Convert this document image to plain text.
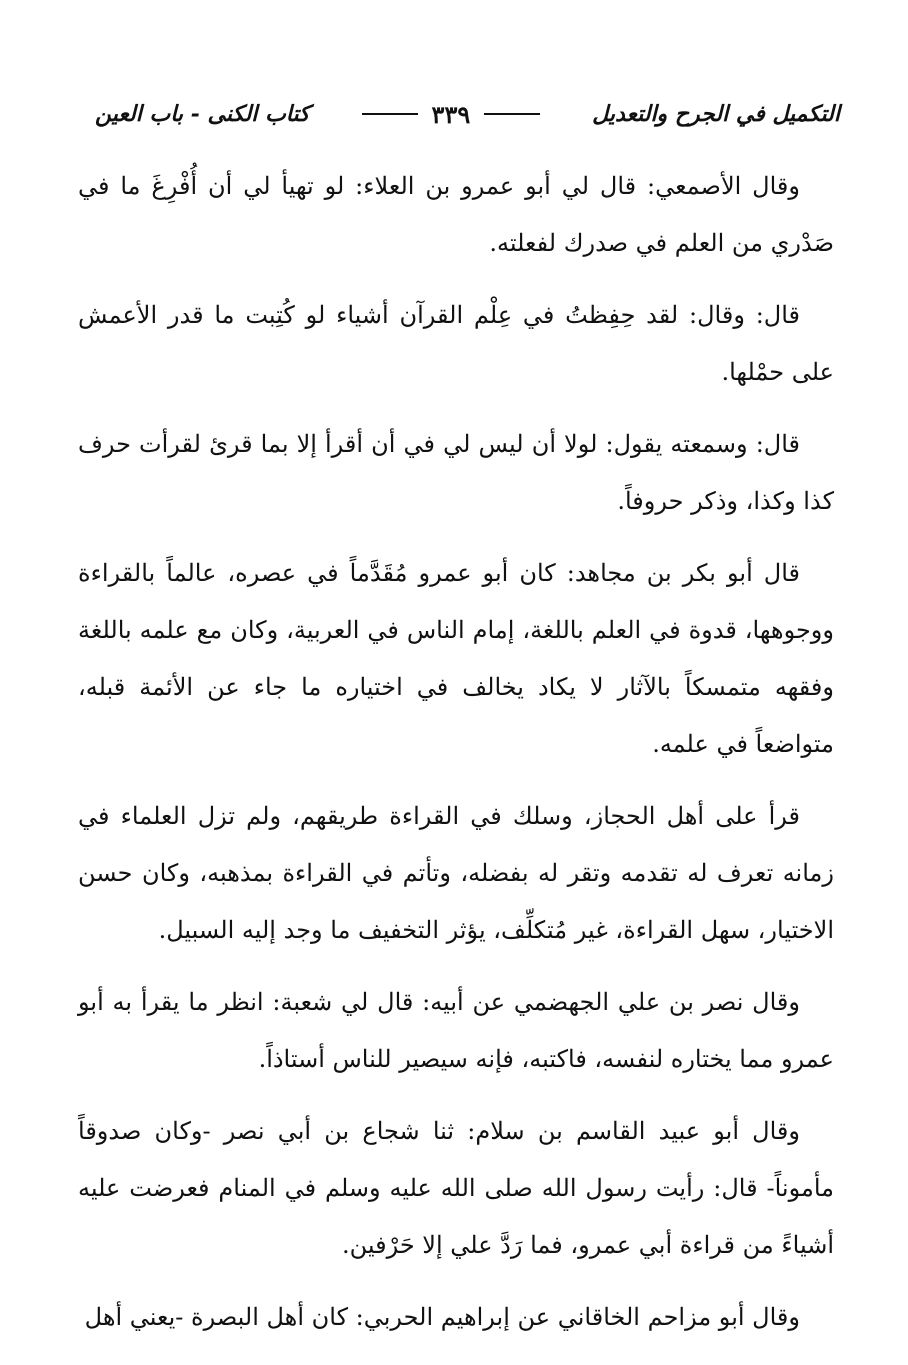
التكميل في الجرح والتعديل
٣٣٩
كتاب الكنى - باب العين

وقال الأصمعي: قال لي أبو عمرو بن العلاء: لو تهيأ لي أن أُفْرِغَ ما في صَدْري من العلم في صدرك لفعلته.

قال: وقال: لقد حِفِظتُ في عِلْم القرآن أشياء لو كُتِبت ما قدر الأعمش على حمْلها.

قال: وسمعته يقول: لولا أن ليس لي في أن أقرأ إلا بما قرئ لقرأت حرف كذا وكذا، وذكر حروفاً.

قال أبو بكر بن مجاهد: كان أبو عمرو مُقَدَّماً في عصره، عالماً بالقراءة ووجوهها، قدوة في العلم باللغة، إمام الناس في العربية، وكان مع علمه باللغة وفقهه متمسكاً بالآثار لا يكاد يخالف في اختياره ما جاء عن الأئمة قبله، متواضعاً في علمه.

قرأ على أهل الحجاز، وسلك في القراءة طريقهم، ولم تزل العلماء في زمانه تعرف له تقدمه وتقر له بفضله، وتأتم في القراءة بمذهبه، وكان حسن الاختيار، سهل القراءة، غير مُتكلِّف، يؤثر التخفيف ما وجد إليه السبيل.

وقال نصر بن علي الجهضمي عن أبيه: قال لي شعبة: انظر ما يقرأ به أبو عمرو مما يختاره لنفسه، فاكتبه، فإنه سيصير للناس أستاذاً.

وقال أبو عبيد القاسم بن سلام: ثنا شجاع بن أبي نصر -وكان صدوقاً مأموناً- قال: رأيت رسول الله صلى الله عليه وسلم في المنام فعرضت عليه أشياءً من قراءة أبي عمرو، فما رَدَّ علي إلا حَرْفين.

وقال أبو مزاحم الخاقاني عن إبراهيم الحربي: كان أهل البصرة -يعني أهل
